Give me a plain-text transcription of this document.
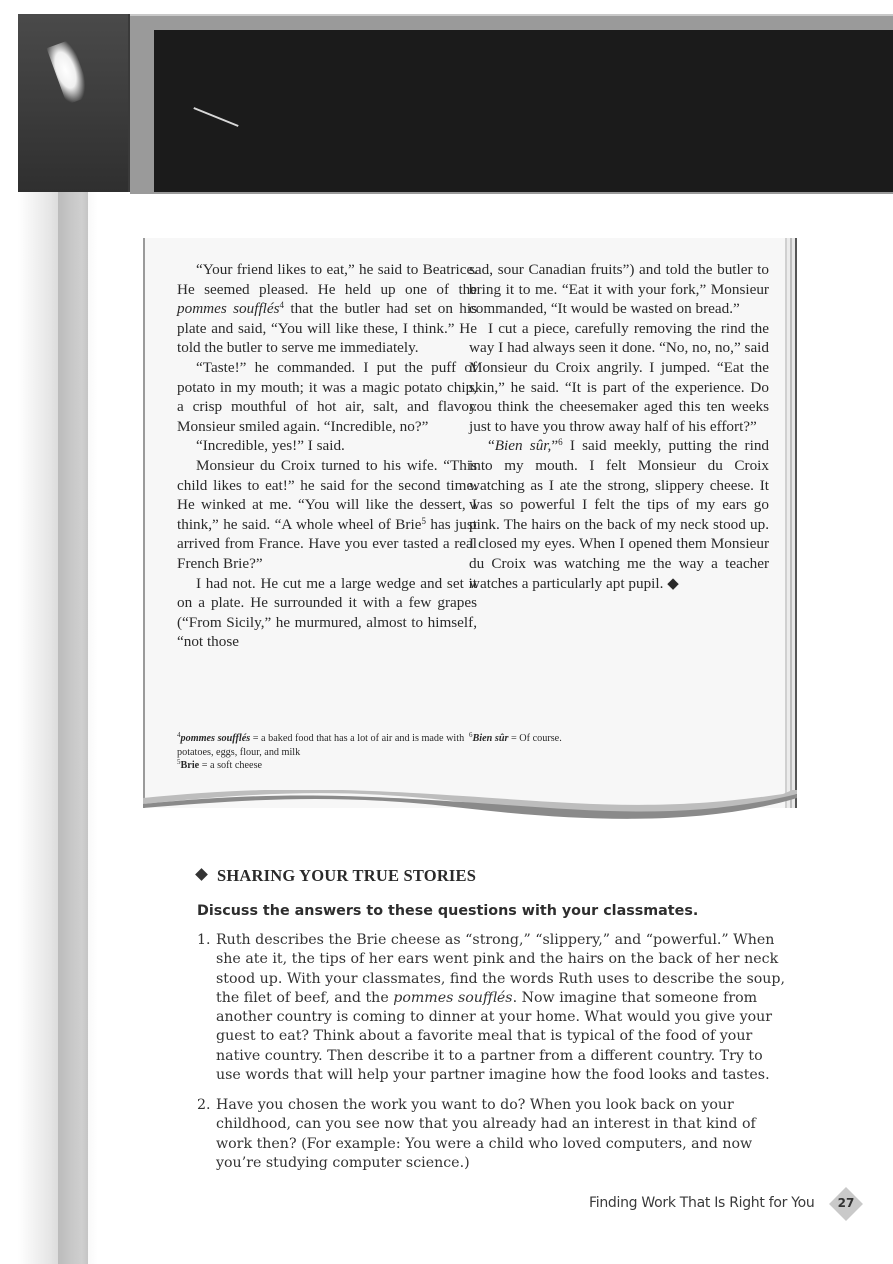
“Your friend likes to eat,” he said to Beatrice. He seemed pleased. He held up one of the pommes soufflés$^4$ that the butler had set on his plate and said, “You will like these, I think.” He told the butler to serve me immediately.

“Taste!” he commanded. I put the puff of potato in my mouth; it was a magic potato chip, a crisp mouthful of hot air, salt, and flavor. Monsieur smiled again. “Incredible, no?”

“Incredible, yes!” I said.

Monsieur du Croix turned to his wife. “This child likes to eat!” he said for the second time. He winked at me. “You will like the dessert, I think,” he said. “A whole wheel of Brie$^5$ has just arrived from France. Have you ever tasted a real French Brie?”

I had not. He cut me a large wedge and set it on a plate. He surrounded it with a few grapes (“From Sicily,” he murmured, almost to himself, “not those

sad, sour Canadian fruits”) and told the butler to bring it to me. “Eat it with your fork,” Monsieur commanded, “It would be wasted on bread.”

I cut a piece, carefully removing the rind the way I had always seen it done. “No, no, no,” said Monsieur du Croix angrily. I jumped. “Eat the skin,” he said. “It is part of the experience. Do you think the cheesemaker aged this ten weeks just to have you throw away half of his effort?”

“Bien sûr,”$^6$ I said meekly, putting the rind into my mouth. I felt Monsieur du Croix watching as I ate the strong, slippery cheese. It was so powerful I felt the tips of my ears go pink. The hairs on the back of my neck stood up. I closed my eyes. When I opened them Monsieur du Croix was watching me the way a teacher watches a particularly apt pupil. ◆

$^4$pommes soufflés = a baked food that has a lot of air and is made with potatoes, eggs, flour, and milk
$^5$Brie = a soft cheese
$^6$Bien sûr = Of course.
SHARING YOUR TRUE STORIES
Discuss the answers to these questions with your classmates.
1. Ruth describes the Brie cheese as “strong,” “slippery,” and “powerful.” When she ate it, the tips of her ears went pink and the hairs on the back of her neck stood up. With your classmates, find the words Ruth uses to describe the soup, the filet of beef, and the pommes soufflés. Now imagine that someone from another country is coming to dinner at your home. What would you give your guest to eat? Think about a favorite meal that is typical of the food of your native country. Then describe it to a partner from a different country. Try to use words that will help your partner imagine how the food looks and tastes.
2. Have you chosen the work you want to do? When you look back on your childhood, can you see now that you already had an interest in that kind of work then? (For example: You were a child who loved computers, and now you’re studying computer science.)
Finding Work That Is Right for You	27
